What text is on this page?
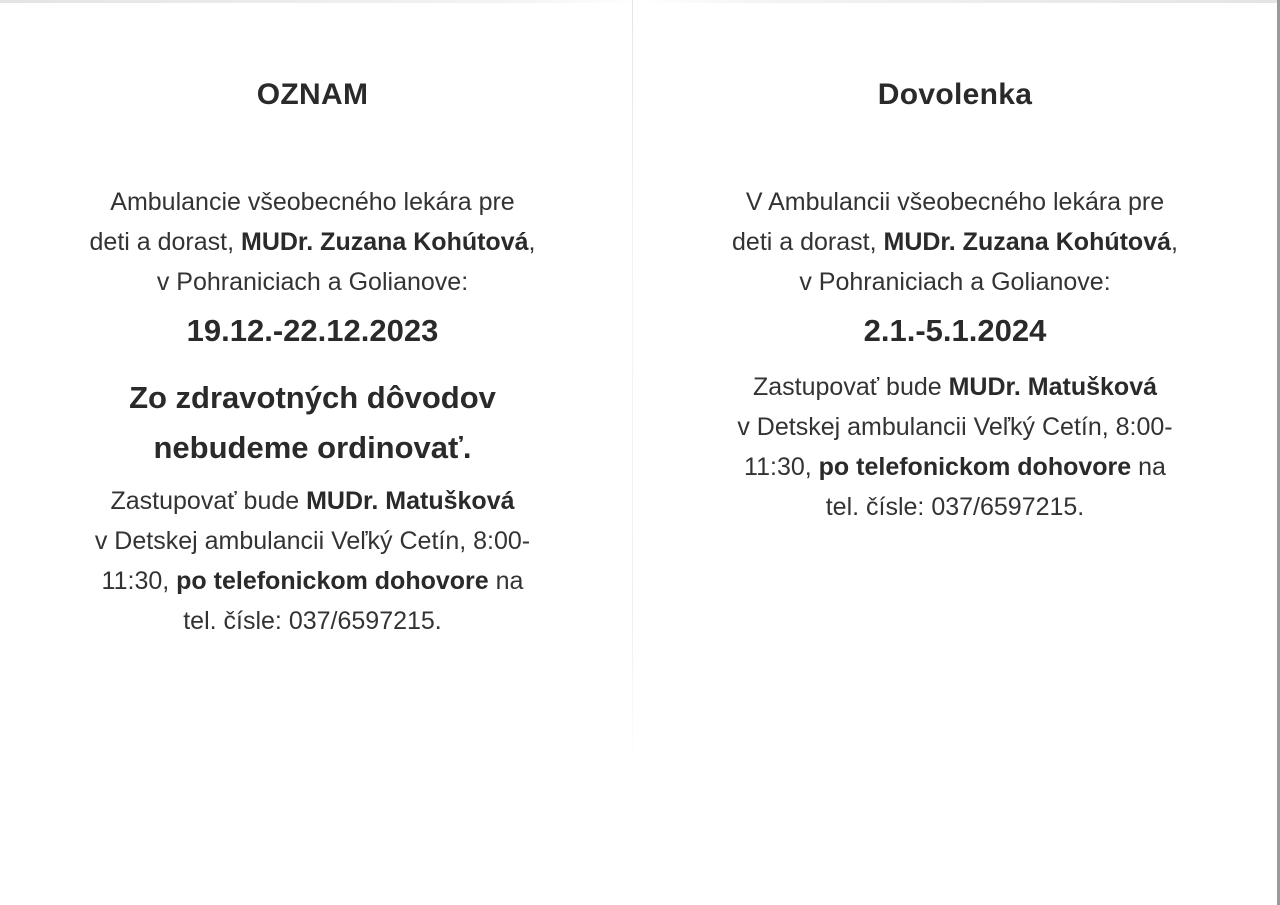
OZNAM
Ambulancie všeobecného lekára pre
deti a dorast, MUDr. Zuzana Kohútová,
v Pohraniciach a Golianove:
19.12.-22.12.2023
Zo zdravotných dôvodov
nebudeme ordinovať.
Zastupovať bude MUDr. Matušková
v Detskej ambulancii Veľký Cetín, 8:00-
11:30, po telefonickom dohovore na
tel. čísle: 037/6597215.
Dovolenka
V Ambulancii všeobecného lekára pre
deti a dorast, MUDr. Zuzana Kohútová,
v Pohraniciach a Golianove:
2.1.-5.1.2024
Zastupovať bude MUDr. Matušková
v Detskej ambulancii Veľký Cetín, 8:00-
11:30, po telefonickom dohovore na
tel. čísle: 037/6597215.
